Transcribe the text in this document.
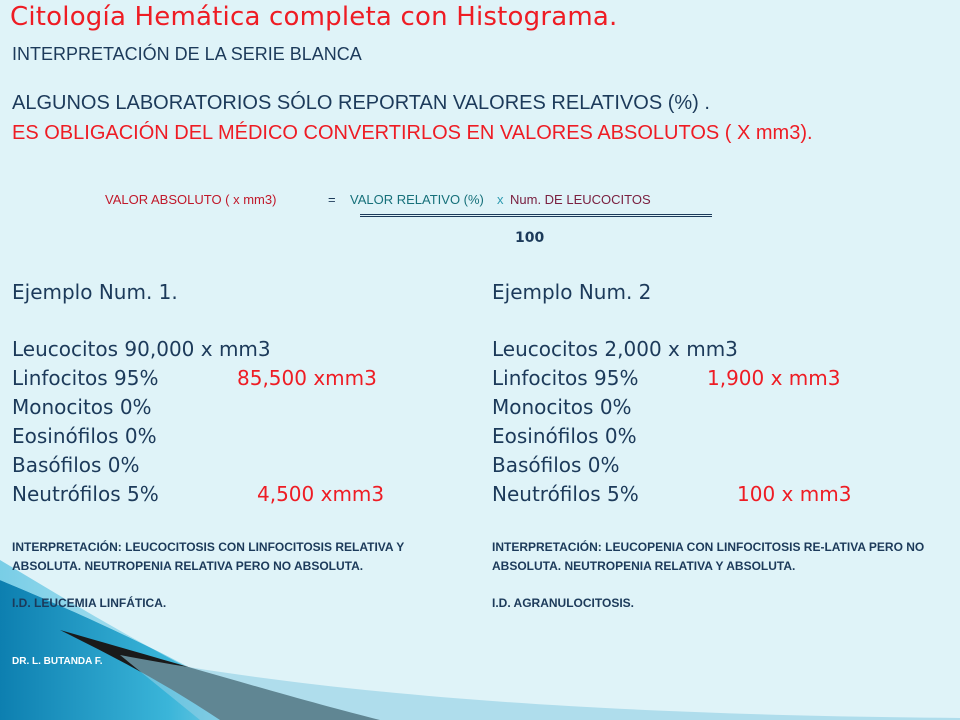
Citología Hemática completa con Histograma.
INTERPRETACIÓN DE LA SERIE BLANCA
ALGUNOS LABORATORIOS SÓLO REPORTAN VALORES RELATIVOS (%) .
ES OBLIGACIÓN DEL MÉDICO CONVERTIRLOS EN VALORES ABSOLUTOS ( X mm3).
VALOR ABSOLUTO ( x mm3)	= VALOR RELATIVO (%) x Num. DE LEUCOCITOS
100
Ejemplo Num. 1.
Leucocitos 90,000 x mm3
Linfocitos 95%	85,500 xmm3
Monocitos 0%
Eosinófilos 0%
Basófilos 0%
Neutrófilos 5%	4,500 xmm3
INTERPRETACIÓN: LEUCOCITOSIS CON LINFOCITOSIS RELATIVA Y ABSOLUTA. NEUTROPENIA RELATIVA PERO NO ABSOLUTA.
I.D. LEUCEMIA LINFÁTICA.
Ejemplo Num. 2
Leucocitos 2,000 x mm3
Linfocitos 95%	1,900 x mm3
Monocitos 0%
Eosinófilos 0%
Basófilos 0%
Neutrófilos 5%	100 x mm3
INTERPRETACIÓN: LEUCOPENIA CON LINFOCITOSIS RE-LATIVA PERO NO ABSOLUTA. NEUTROPENIA RELATIVA Y ABSOLUTA.
I.D. AGRANULOCITOSIS.
DR. L. BUTANDA F.
